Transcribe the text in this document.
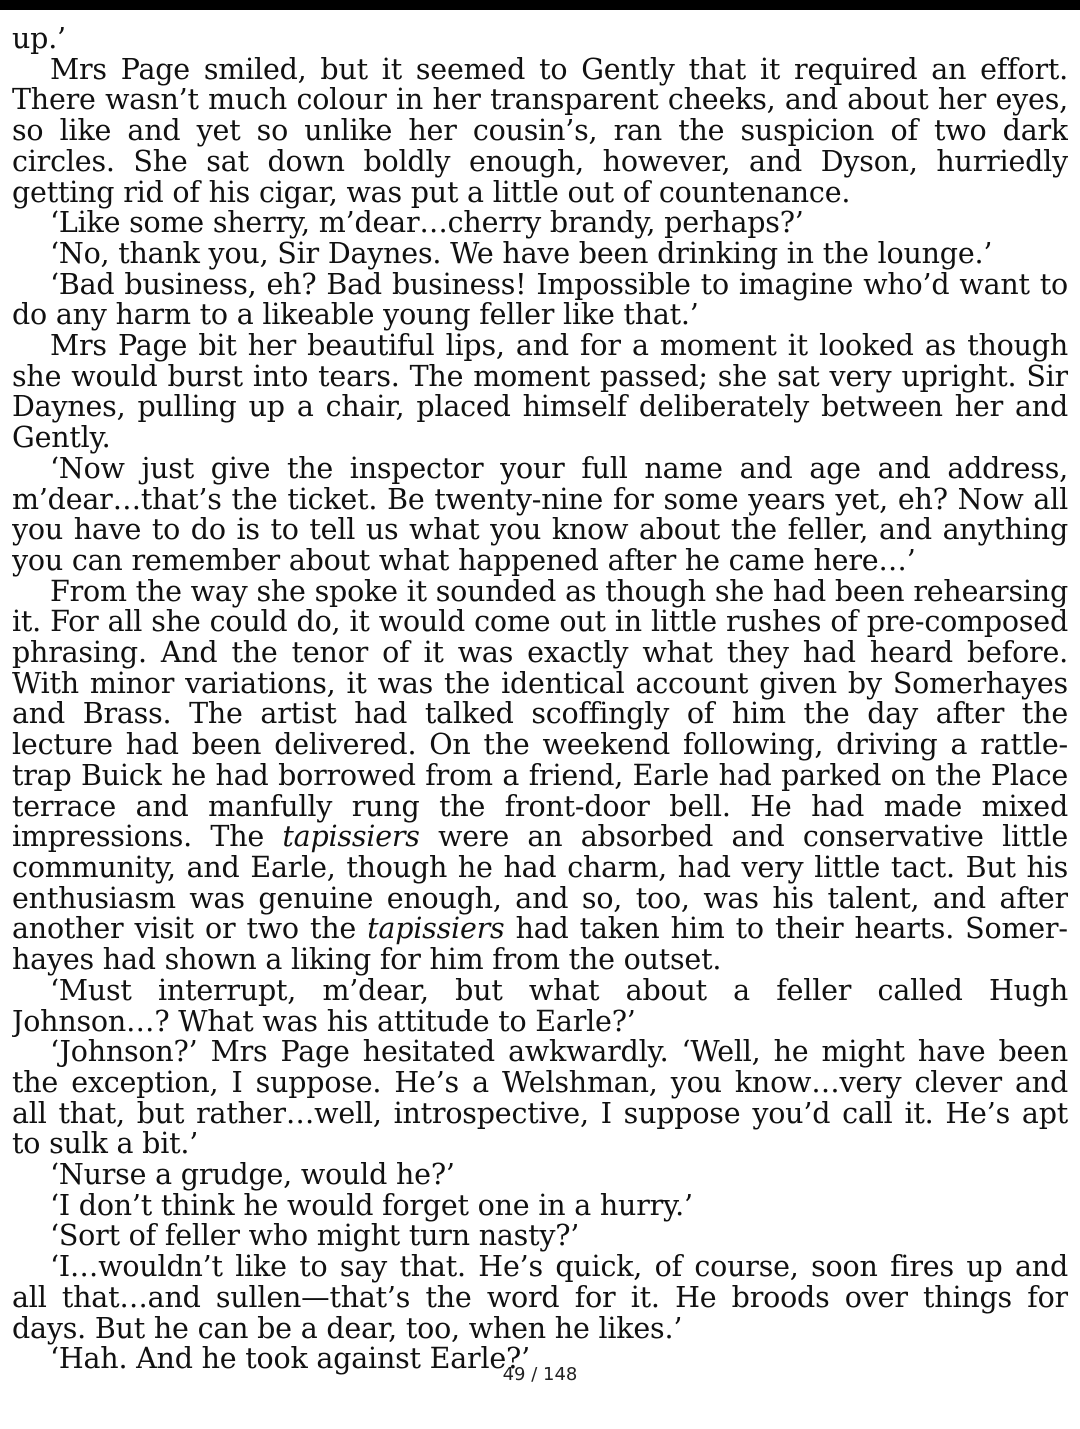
up.’

Mrs Page smiled, but it seemed to Gently that it required an effort. There wasn’t much colour in her transparent cheeks, and about her eyes, so like and yet so unlike her cousin’s, ran the suspicion of two dark circles. She sat down boldly enough, however, and Dyson, hurriedly getting rid of his cigar, was put a little out of countenance.

‘Like some sherry, m’dear…cherry brandy, perhaps?’

‘No, thank you, Sir Daynes. We have been drinking in the lounge.’

‘Bad business, eh? Bad business! Impossible to imagine who’d want to do any harm to a likeable young feller like that.’

Mrs Page bit her beautiful lips, and for a moment it looked as though she would burst into tears. The moment passed; she sat very upright. Sir Daynes, pulling up a chair, placed himself deliberately between her and Gently.

‘Now just give the inspector your full name and age and address, m’dear…that’s the ticket. Be twenty-nine for some years yet, eh? Now all you have to do is to tell us what you know about the feller, and anything you can remember about what happened after he came here…’

From the way she spoke it sounded as though she had been rehearsing it. For all she could do, it would come out in little rushes of pre-composed phrasing. And the tenor of it was exactly what they had heard before. With minor variations, it was the identical account given by Somerhayes and Brass. The artist had talked scoffingly of him the day after the lecture had been delivered. On the weekend following, driving a rattle-trap Buick he had borrowed from a friend, Earle had parked on the Place terrace and manfully rung the front-door bell. He had made mixed impressions. The tapissiers were an absorbed and conservative little community, and Earle, though he had charm, had very little tact. But his enthusiasm was genuine enough, and so, too, was his talent, and after another visit or two the tapissiers had taken him to their hearts. Somerhayes had shown a liking for him from the outset.

‘Must interrupt, m’dear, but what about a feller called Hugh Johnson…? What was his attitude to Earle?’

‘Johnson?’ Mrs Page hesitated awkwardly. ‘Well, he might have been the exception, I suppose. He’s a Welshman, you know…very clever and all that, but rather…well, introspective, I suppose you’d call it. He’s apt to sulk a bit.’

‘Nurse a grudge, would he?’

‘I don’t think he would forget one in a hurry.’

‘Sort of feller who might turn nasty?’

‘I…wouldn’t like to say that. He’s quick, of course, soon fires up and all that…and sullen—that’s the word for it. He broods over things for days. But he can be a dear, too, when he likes.’

‘Hah. And he took against Earle?’

49 / 148
